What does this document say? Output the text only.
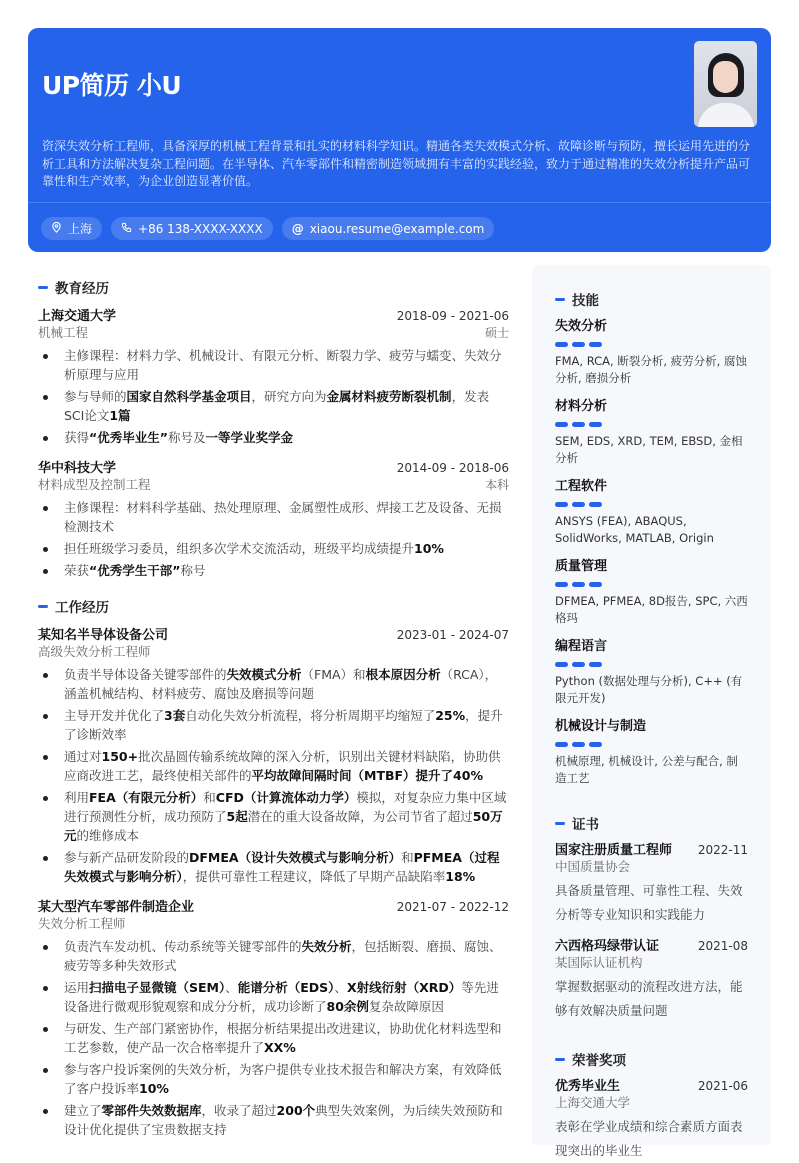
UP简历 小U
资深失效分析工程师，具备深厚的机械工程背景和扎实的材料科学知识。精通各类失效模式分析、故障诊断与预防，擅长运用先进的分析工具和方法解决复杂工程问题。在半导体、汽车零部件和精密制造领域拥有丰富的实践经验，致力于通过精准的失效分析提升产品可靠性和生产效率，为企业创造显著价值。
上海	+86 138-XXXX-XXXX @ xiaou.resume@example.com
教育经历
上海交通大学	2018-09 - 2021-06
机械工程	硕士
主修课程：材料力学、机械设计、有限元分析、断裂力学、疲劳与蠕变、失效分析原理与应用
参与导师的国家自然科学基金项目，研究方向为金属材料疲劳断裂机制，发表SCI论文1篇
获得“优秀毕业生”称号及一等学业奖学金
华中科技大学	2014-09 - 2018-06
材料成型及控制工程	本科
主修课程：材料科学基础、热处理原理、金属塑性成形、焊接工艺及设备、无损检测技术
担任班级学习委员，组织多次学术交流活动，班级平均成绩提升10%
荣获“优秀学生干部”称号
工作经历
某知名半导体设备公司	2023-01 - 2024-07
高级失效分析工程师
负责半导体设备关键零部件的失效模式分析（FMA）和根本原因分析（RCA），涵盖机械结构、材料疲劳、腐蚀及磨损等问题
主导开发并优化了3套自动化失效分析流程，将分析周期平均缩短了25%，提升了诊断效率
通过对150+批次晶圆传输系统故障的深入分析，识别出关键材料缺陷，协助供应商改进工艺，最终使相关部件的平均故障间隔时间（MTBF）提升了40%
利用FEA（有限元分析）和CFD（计算流体动力学）模拟，对复杂应力集中区域进行预测性分析，成功预防了5起潜在的重大设备故障，为公司节省了超过50万元的维修成本
参与新产品研发阶段的DFMEA（设计失效模式与影响分析）和PFMEA（过程失效模式与影响分析），提供可靠性工程建议，降低了早期产品缺陷率18%
某大型汽车零部件制造企业	2021-07 - 2022-12
失效分析工程师
负责汽车发动机、传动系统等关键零部件的失效分析，包括断裂、磨损、腐蚀、疲劳等多种失效形式
运用扫描电子显微镜（SEM）、能谱分析（EDS）、X射线衍射（XRD）等先进设备进行微观形貌观察和成分分析，成功诊断了80余例复杂故障原因
与研发、生产部门紧密协作，根据分析结果提出改进建议，协助优化材料选型和工艺参数，使产品一次合格率提升了XX%
参与客户投诉案例的失效分析，为客户提供专业技术报告和解决方案，有效降低了客户投诉率10%
建立了零部件失效数据库，收录了超过200个典型失效案例，为后续失效预防和设计优化提供了宝贵数据支持
技能
失效分析
FMA, RCA, 断裂分析, 疲劳分析, 腐蚀分析, 磨损分析
材料分析
SEM, EDS, XRD, TEM, EBSD, 金相分析
工程软件
ANSYS (FEA), ABAQUS, SolidWorks, MATLAB, Origin
质量管理
DFMEA, PFMEA, 8D报告, SPC, 六西格玛
编程语言
Python (数据处理与分析), C++ (有限元开发)
机械设计与制造
机械原理, 机械设计, 公差与配合, 制造工艺
证书
国家注册质量工程师 2022-11
中国质量协会
具备质量管理、可靠性工程、失效分析等专业知识和实践能力
六西格玛绿带认证	2021-08
某国际认证机构
掌握数据驱动的流程改进方法，能够有效解决质量问题
荣誉奖项
优秀毕业生	2021-06
上海交通大学
表彰在学业成绩和综合素质方面表现突出的毕业生
